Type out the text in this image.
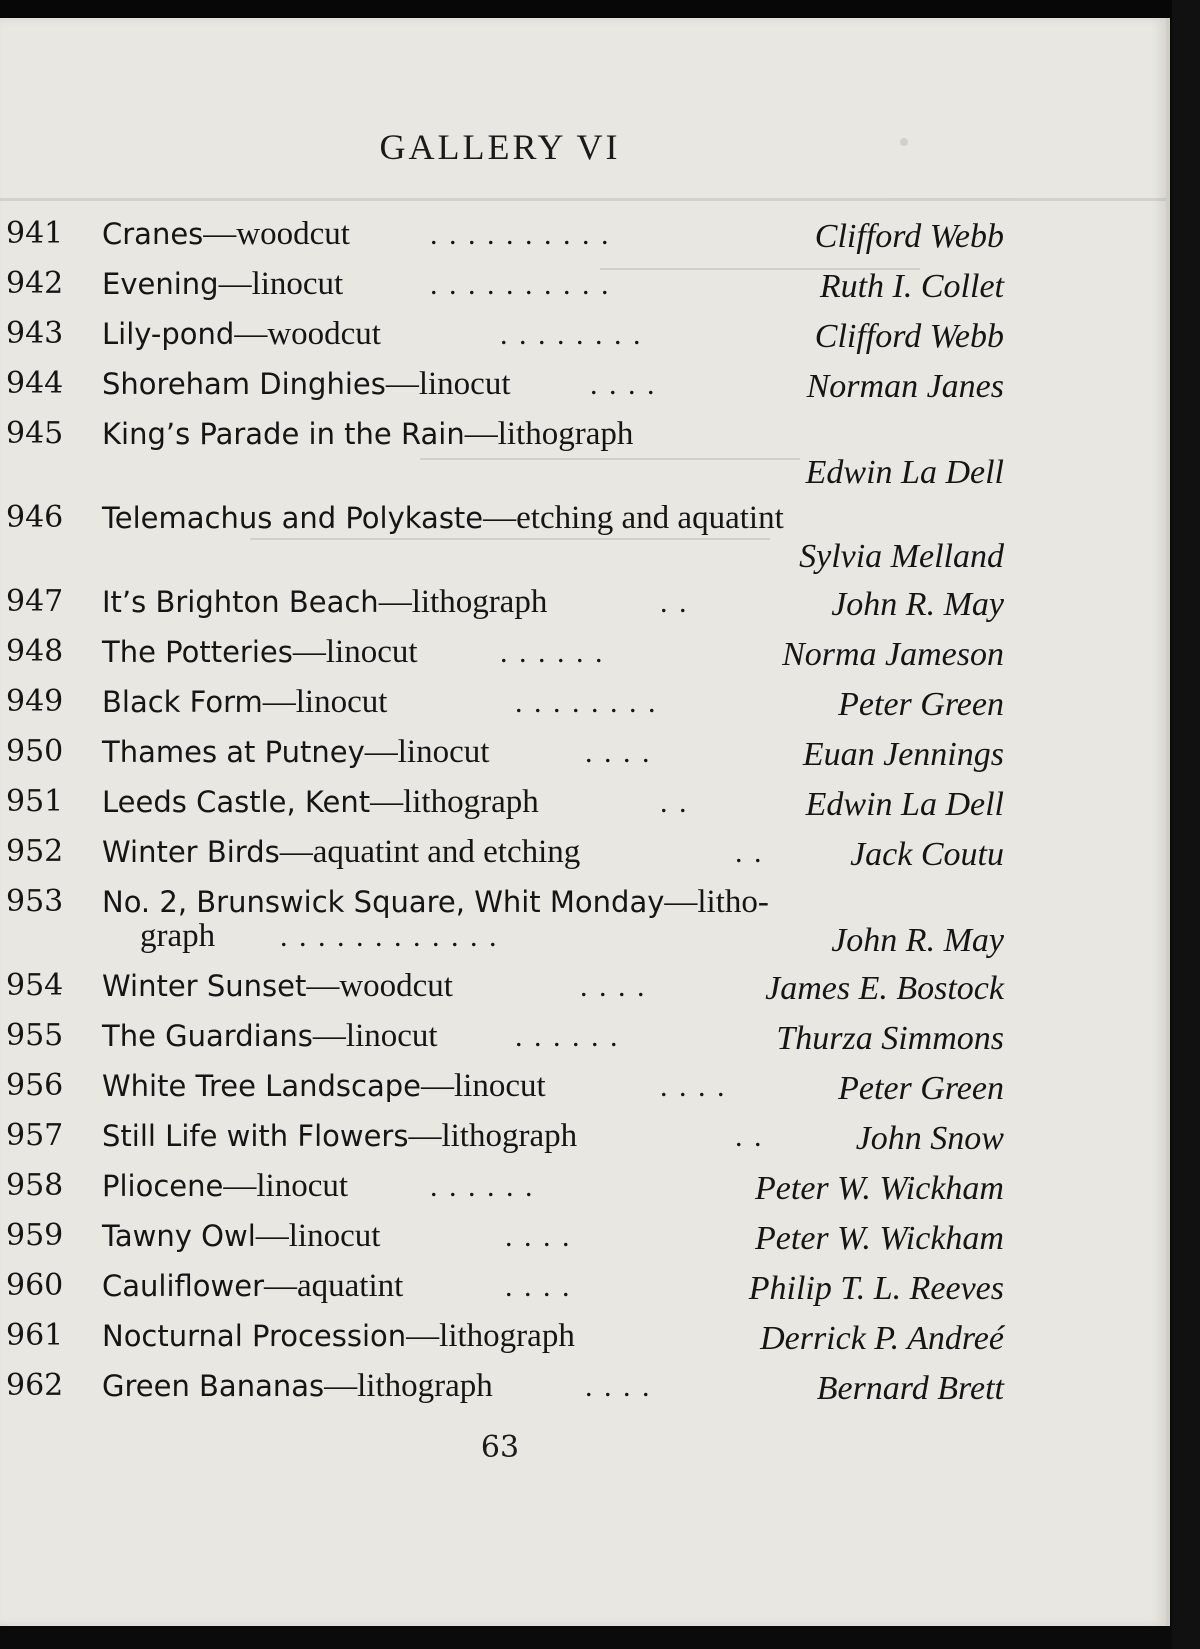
GALLERY VI
941	Cranes—woodcut	. . . . . . . . . .	Clifford Webb
942	Evening—linocut	. . . . . . . . . .	Ruth I. Collet
943	Lily-pond—woodcut	. . . . . . . .	Clifford Webb
944	Shoreham Dinghies—linocut	. . . .	Norman Janes
945	King’s Parade in the Rain—lithograph
Edwin La Dell
946	Telemachus and Polykaste—etching and aquatint
Sylvia Melland
947	It’s Brighton Beach—lithograph	. .	John R. May
948	The Potteries—linocut	. . . . . .	Norma Jameson
949	Black Form—linocut	. . . . . . . .	Peter Green
950	Thames at Putney—linocut	. . . .	Euan Jennings
951	Leeds Castle, Kent—lithograph	. .	Edwin La Dell
952	Winter Birds—aquatint and etching	. .	Jack Coutu
953	No. 2, Brunswick Square, Whit Monday—litho-
graph . . . . . . . . . . . .	John R. May
954	Winter Sunset—woodcut	. . . .	James E. Bostock
955	The Guardians—linocut	. . . . . .	Thurza Simmons
956	White Tree Landscape—linocut	. . . .	Peter Green
957	Still Life with Flowers—lithograph	. .	John Snow
958	Pliocene—linocut	. . . . . .	Peter W. Wickham
959	Tawny Owl—linocut	. . . .	Peter W. Wickham
960	Cauliflower—aquatint	. . . .	Philip T. L. Reeves
961	Nocturnal Procession—lithograph	Derrick P. Andreé
962	Green Bananas—lithograph	. . . .	Bernard Brett
63
